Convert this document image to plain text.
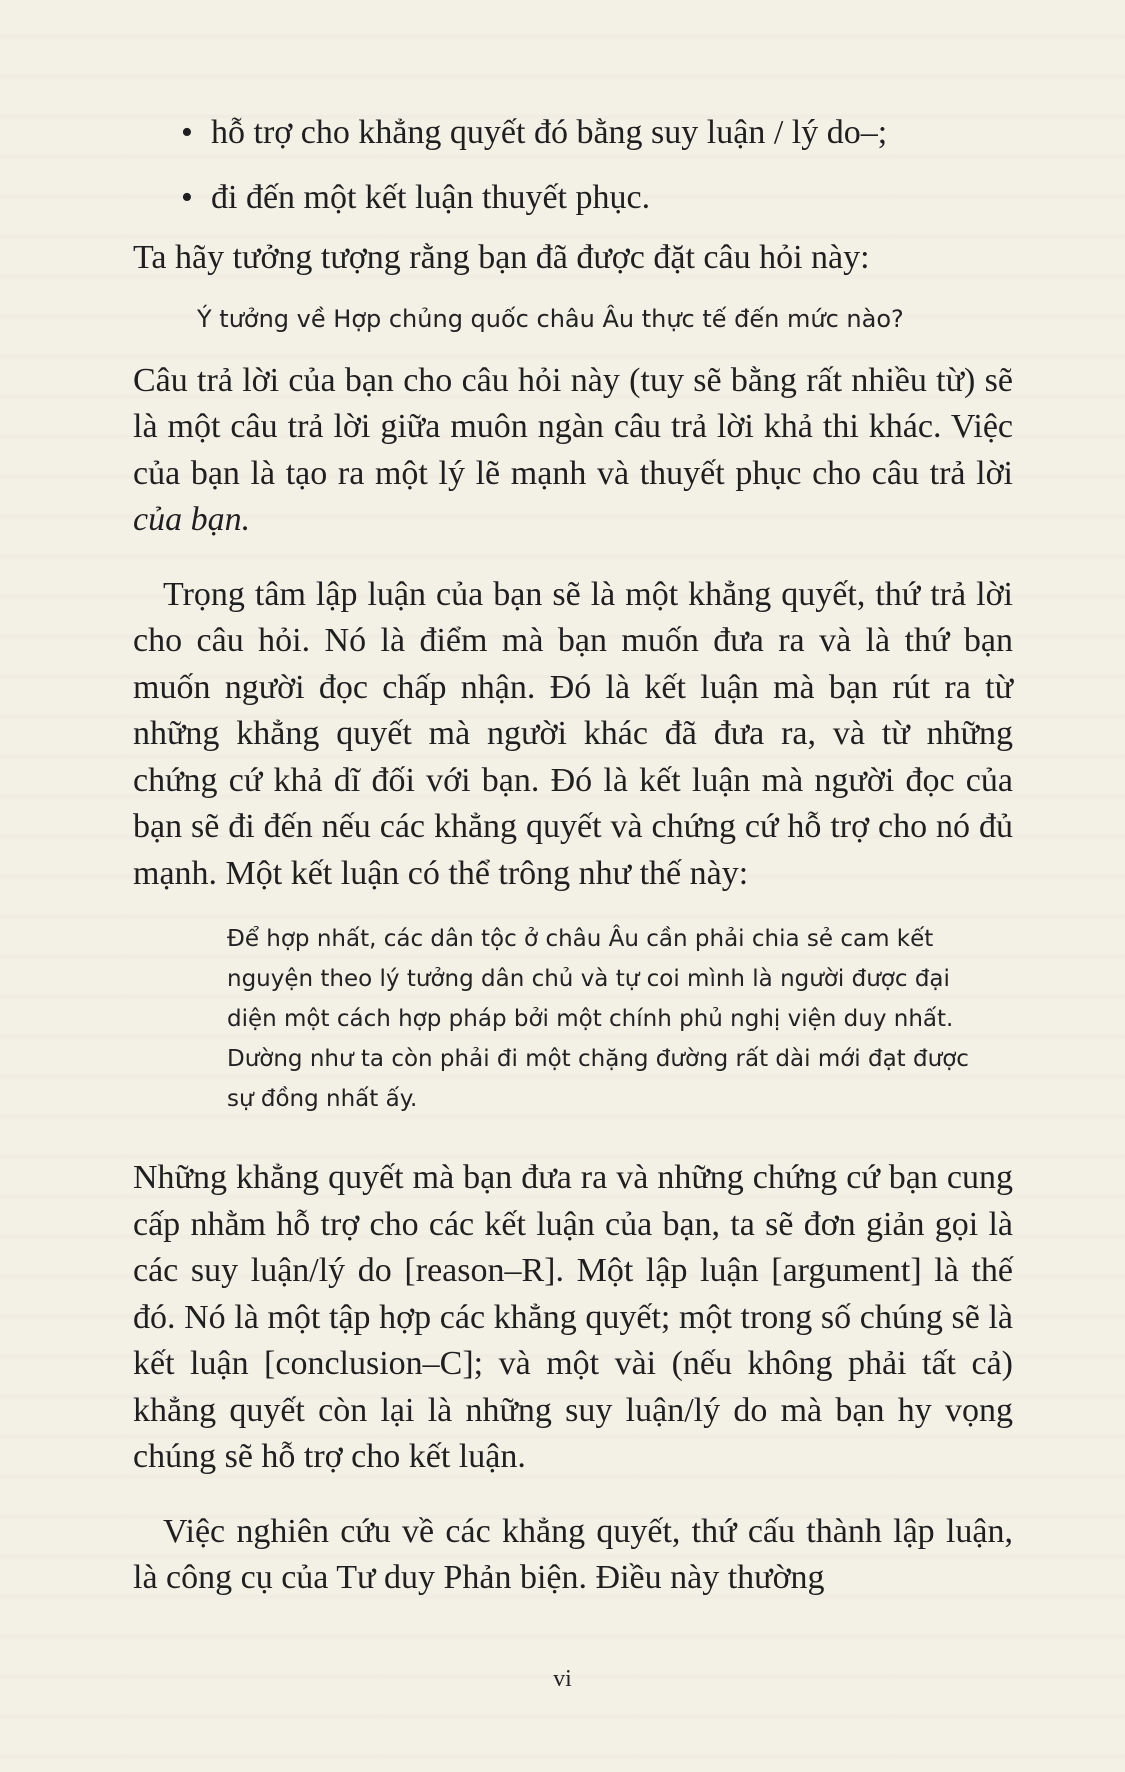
• hỗ trợ cho khẳng quyết đó bằng suy luận / lý do–;
• đi đến một kết luận thuyết phục.

Ta hãy tưởng tượng rằng bạn đã được đặt câu hỏi này:

Ý tưởng về Hợp chủng quốc châu Âu thực tế đến mức nào?

Câu trả lời của bạn cho câu hỏi này (tuy sẽ bằng rất nhiều từ) sẽ là một câu trả lời giữa muôn ngàn câu trả lời khả thi khác. Việc của bạn là tạo ra một lý lẽ mạnh và thuyết phục cho câu trả lời của bạn.

Trọng tâm lập luận của bạn sẽ là một khẳng quyết, thứ trả lời cho câu hỏi. Nó là điểm mà bạn muốn đưa ra và là thứ bạn muốn người đọc chấp nhận. Đó là kết luận mà bạn rút ra từ những khẳng quyết mà người khác đã đưa ra, và từ những chứng cứ khả dĩ đối với bạn. Đó là kết luận mà người đọc của bạn sẽ đi đến nếu các khẳng quyết và chứng cứ hỗ trợ cho nó đủ mạnh. Một kết luận có thể trông như thế này:

Để hợp nhất, các dân tộc ở châu Âu cần phải chia sẻ cam kết nguyện theo lý tưởng dân chủ và tự coi mình là người được đại diện một cách hợp pháp bởi một chính phủ nghị viện duy nhất. Dường như ta còn phải đi một chặng đường rất dài mới đạt được sự đồng nhất ấy.

Những khẳng quyết mà bạn đưa ra và những chứng cứ bạn cung cấp nhằm hỗ trợ cho các kết luận của bạn, ta sẽ đơn giản gọi là các suy luận/lý do [reason–R]. Một lập luận [argument] là thế đó. Nó là một tập hợp các khẳng quyết; một trong số chúng sẽ là kết luận [conclusion–C]; và một vài (nếu không phải tất cả) khẳng quyết còn lại là những suy luận/lý do mà bạn hy vọng chúng sẽ hỗ trợ cho kết luận.

Việc nghiên cứu về các khẳng quyết, thứ cấu thành lập luận, là công cụ của Tư duy Phản biện. Điều này thường

vi
